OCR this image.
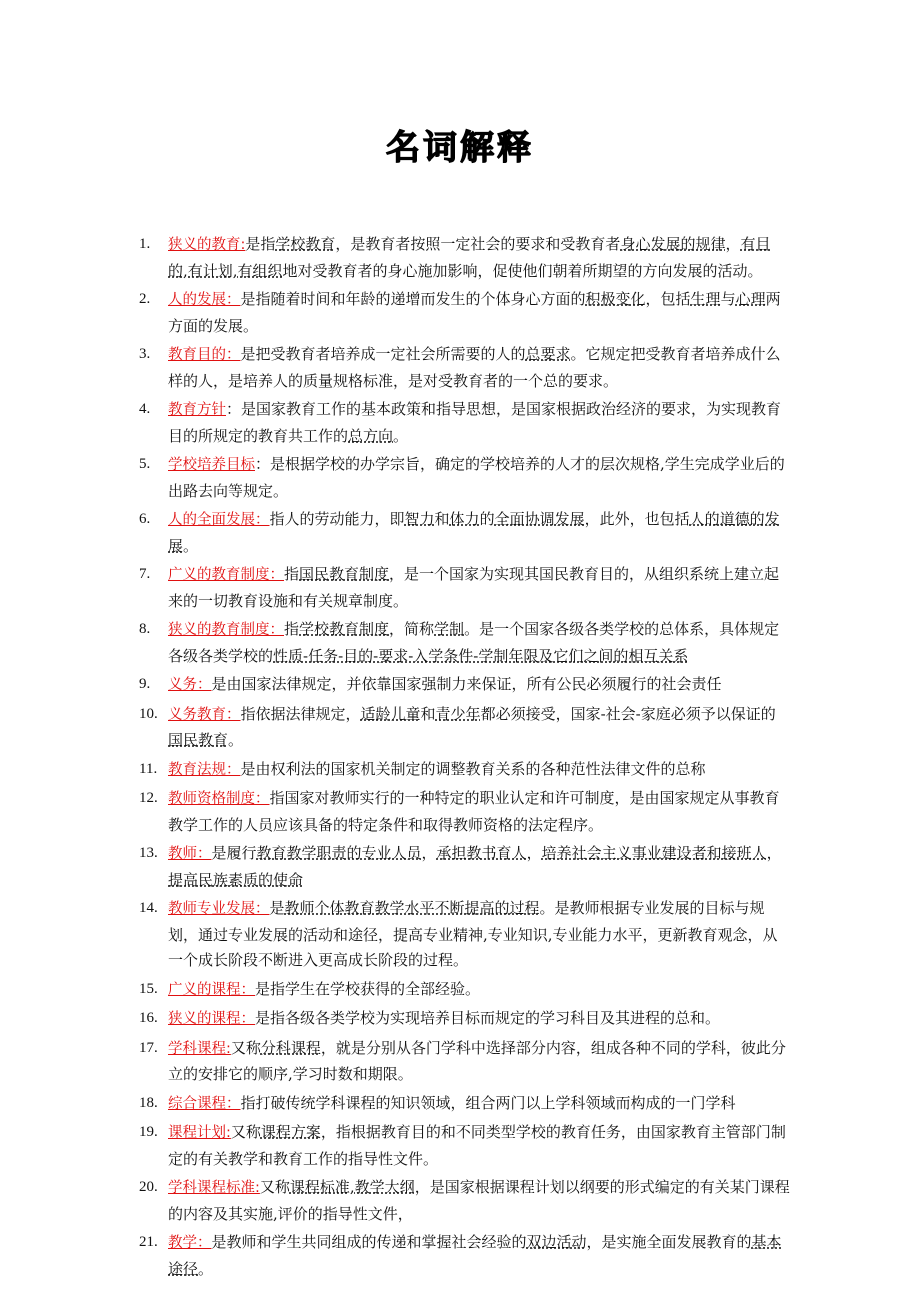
名词解释
1.	狭义的教育:是指学校教育，是教育者按照一定社会的要求和受教育者身心发展的规律，有目的,有计划,有组织地对受教育者的身心施加影响，促使他们朝着所期望的方向发展的活动。
2.	人的发展：是指随着时间和年龄的递增而发生的个体身心方面的积极变化，包括生理与心理两方面的发展。
3.	教育目的：是把受教育者培养成一定社会所需要的人的总要求。它规定把受教育者培养成什么样的人，是培养人的质量规格标准，是对受教育者的一个总的要求。
4.	教育方针：是国家教育工作的基本政策和指导思想，是国家根据政治经济的要求，为实现教育目的所规定的教育共工作的总方向。
5.	学校培养目标：是根据学校的办学宗旨，确定的学校培养的人才的层次规格,学生完成学业后的出路去向等规定。
6.	人的全面发展：指人的劳动能力，即智力和体力的全面协调发展，此外，也包括人的道德的发展。
7.	广义的教育制度：指国民教育制度，是一个国家为实现其国民教育目的，从组织系统上建立起来的一切教育设施和有关规章制度。
8.	狭义的教育制度：指学校教育制度，简称学制。是一个国家各级各类学校的总体系，具体规定各级各类学校的性质-任务-目的-要求-入学条件-学制年限及它们之间的相互关系
9.	义务：是由国家法律规定，并依靠国家强制力来保证，所有公民必须履行的社会责任
10. 义务教育：指依据法律规定，适龄儿童和青少年都必须接受，国家-社会-家庭必须予以保证的国民教育。
11. 教育法规：是由权利法的国家机关制定的调整教育关系的各种范性法律文件的总称
12. 教师资格制度：指国家对教师实行的一种特定的职业认定和许可制度，是由国家规定从事教育教学工作的人员应该具备的特定条件和取得教师资格的法定程序。
13. 教师：是履行教育教学职责的专业人员，承担教书育人，培养社会主义事业建设者和接班人，提高民族素质的使命
14. 教师专业发展：是教师个体教育教学水平不断提高的过程。是教师根据专业发展的目标与规划，通过专业发展的活动和途径，提高专业精神,专业知识,专业能力水平，更新教育观念，从一个成长阶段不断进入更高成长阶段的过程。
15. 广义的课程：是指学生在学校获得的全部经验。
16. 狭义的课程：是指各级各类学校为实现培养目标而规定的学习科目及其进程的总和。
17. 学科课程:又称分科课程，就是分别从各门学科中选择部分内容，组成各种不同的学科，彼此分立的安排它的顺序,学习时数和期限。
18. 综合课程：指打破传统学科课程的知识领域，组合两门以上学科领域而构成的一门学科
19. 课程计划:又称课程方案，指根据教育目的和不同类型学校的教育任务，由国家教育主管部门制定的有关教学和教育工作的指导性文件。
20. 学科课程标准:又称课程标准,教学大纲，是国家根据课程计划以纲要的形式编定的有关某门课程的内容及其实施,评价的指导性文件，
21. 教学：是教师和学生共同组成的传递和掌握社会经验的双边活动，是实施全面发展教育的基本途径。
